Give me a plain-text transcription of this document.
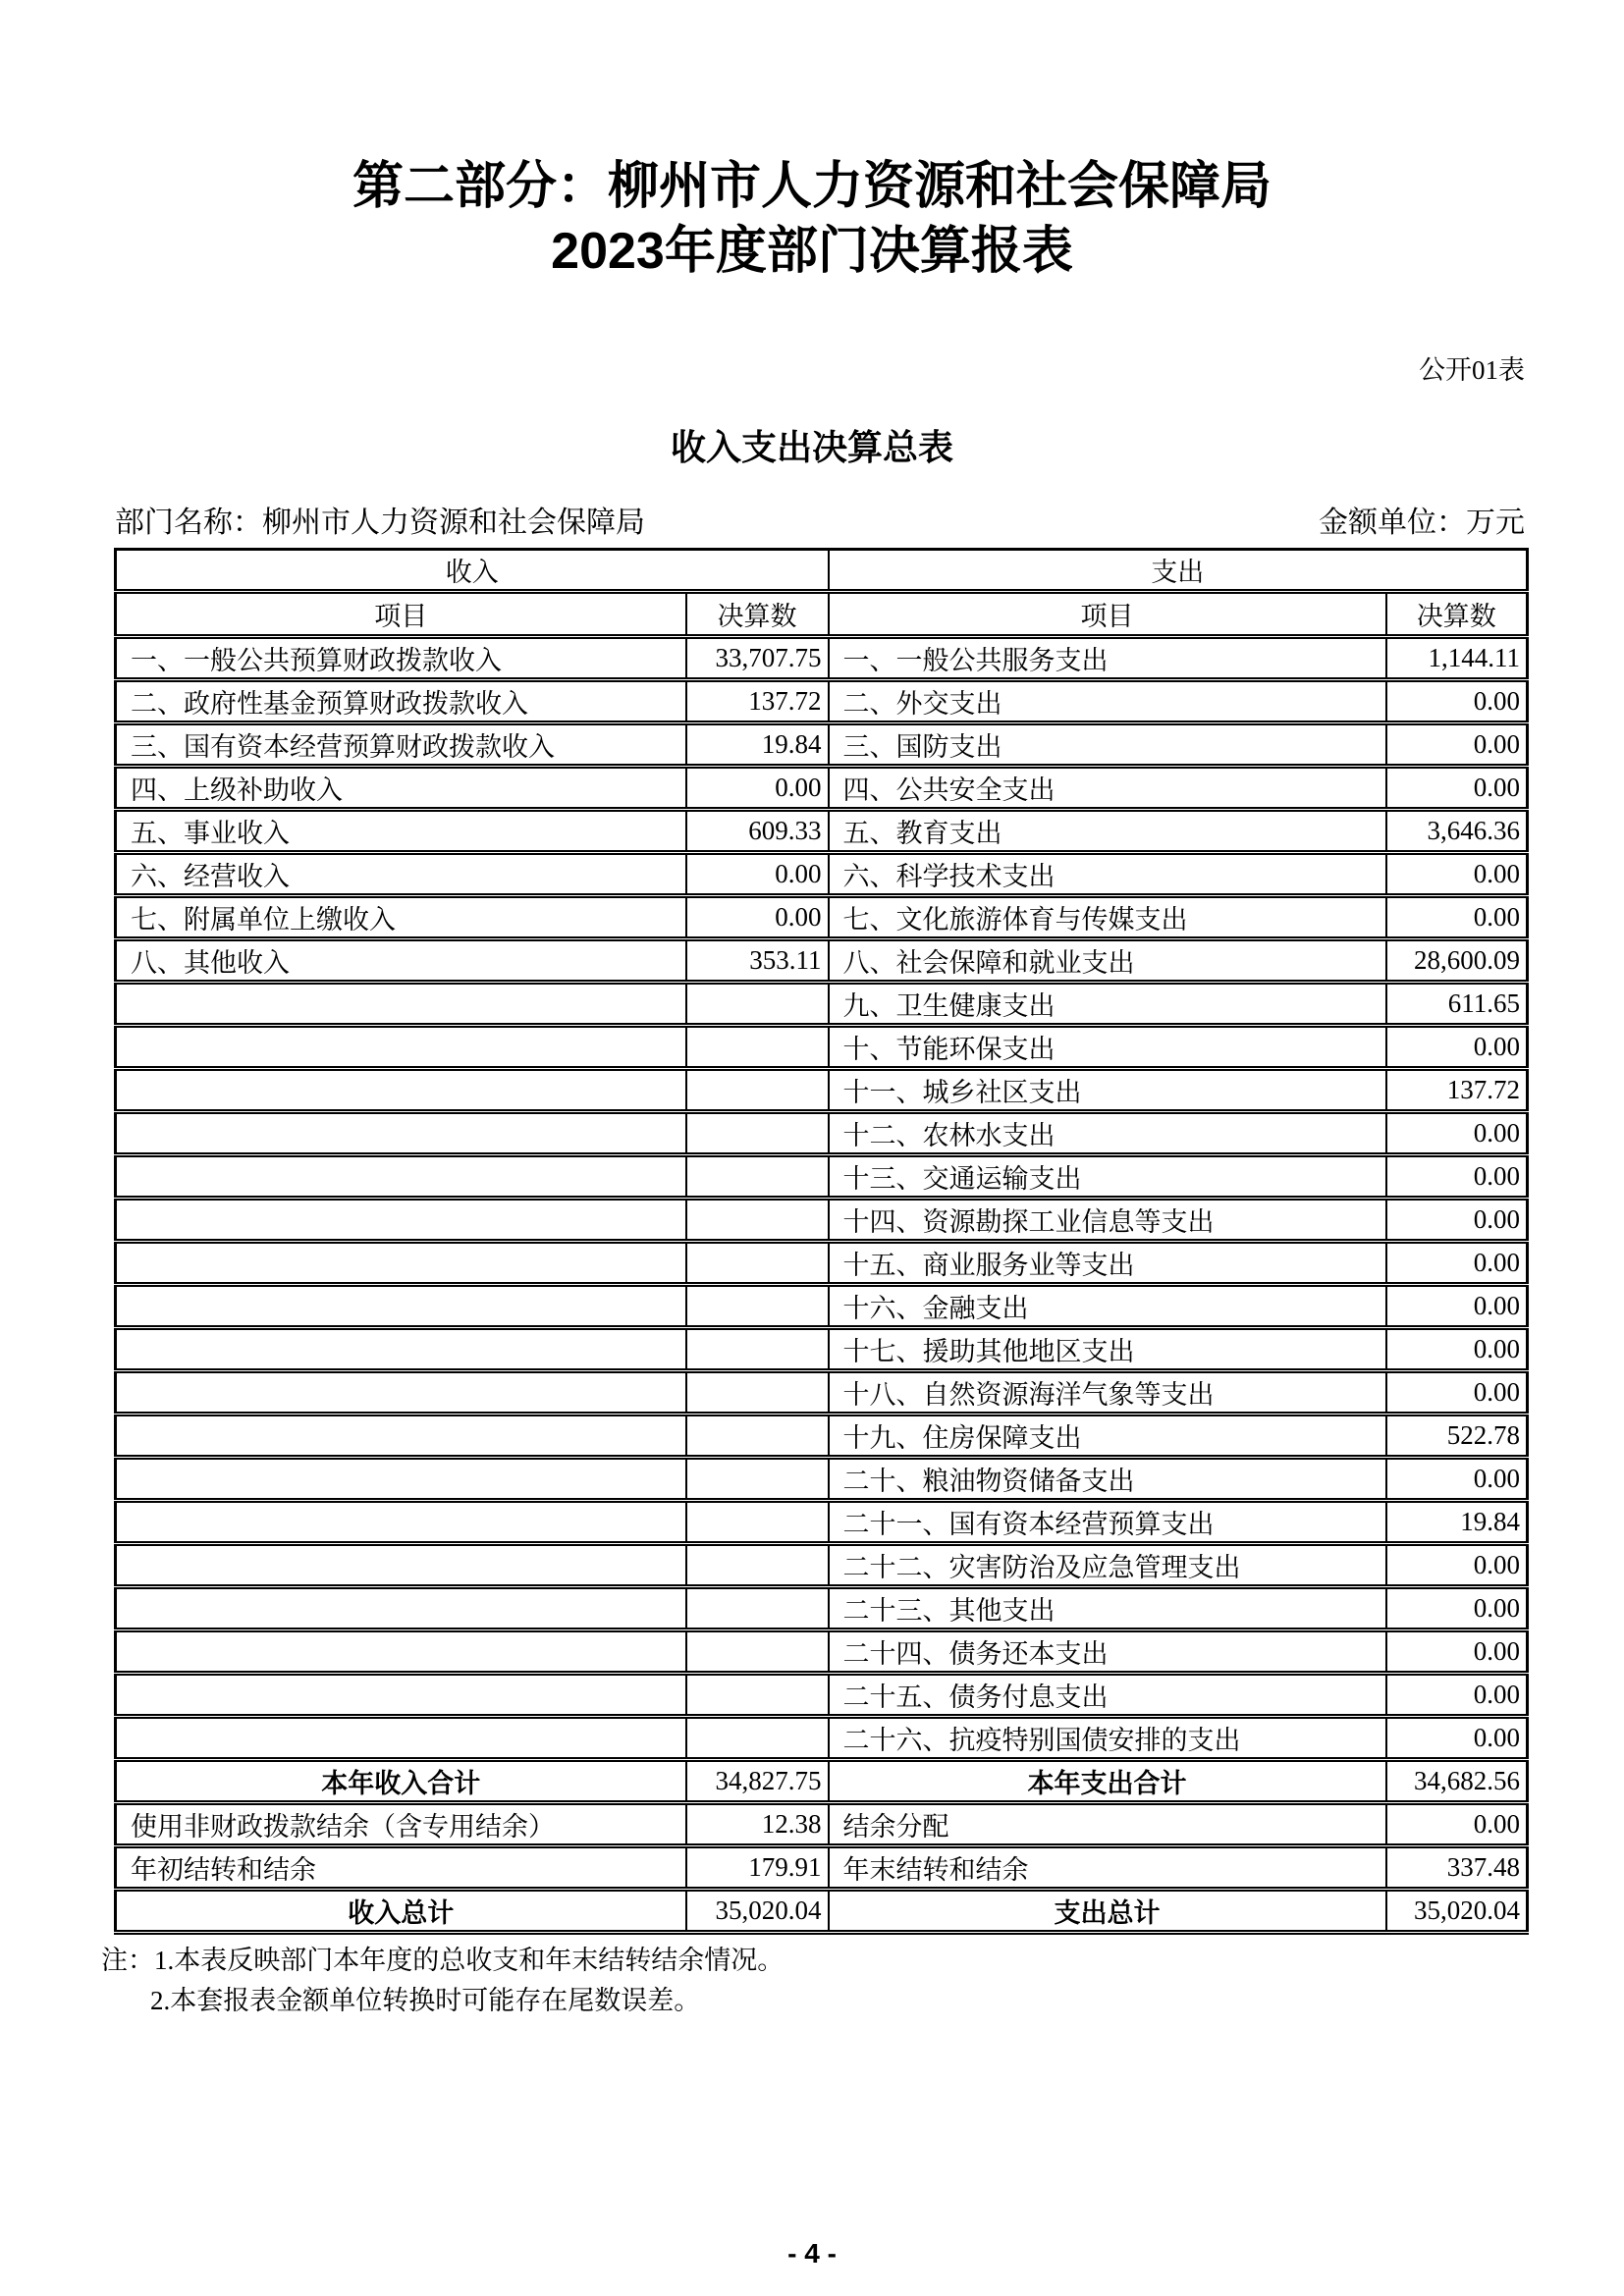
第二部分：柳州市人力资源和社会保障局
2023年度部门决算报表
公开01表
收入支出决算总表
部门名称：柳州市人力资源和社会保障局	金额单位：万元
收入		支出	
项目	决算数	项目	决算数
一、一般公共预算财政拨款收入	33,707.75	一、一般公共服务支出	1,144.11
二、政府性基金预算财政拨款收入	137.72	二、外交支出	0.00
三、国有资本经营预算财政拨款收入	19.84	三、国防支出	0.00
四、上级补助收入	0.00	四、公共安全支出	0.00
五、事业收入	609.33	五、教育支出	3,646.36
六、经营收入	0.00	六、科学技术支出	0.00
七、附属单位上缴收入	0.00	七、文化旅游体育与传媒支出	0.00
八、其他收入	353.11	八、社会保障和就业支出	28,600.09
		九、卫生健康支出	611.65
		十、节能环保支出	0.00
		十一、城乡社区支出	137.72
		十二、农林水支出	0.00
		十三、交通运输支出	0.00
		十四、资源勘探工业信息等支出	0.00
		十五、商业服务业等支出	0.00
		十六、金融支出	0.00
		十七、援助其他地区支出	0.00
		十八、自然资源海洋气象等支出	0.00
		十九、住房保障支出	522.78
		二十、粮油物资储备支出	0.00
		二十一、国有资本经营预算支出	19.84
		二十二、灾害防治及应急管理支出	0.00
		二十三、其他支出	0.00
		二十四、债务还本支出	0.00
		二十五、债务付息支出	0.00
		二十六、抗疫特别国债安排的支出	0.00
本年收入合计	34,827.75	本年支出合计	34,682.56
使用非财政拨款结余（含专用结余）	12.38	结余分配	0.00
年初结转和结余	179.91	年末结转和结余	337.48
收入总计	35,020.04	支出总计	35,020.04
注：1.本表反映部门本年度的总收支和年末结转结余情况。
2.本套报表金额单位转换时可能存在尾数误差。
- 4 -
